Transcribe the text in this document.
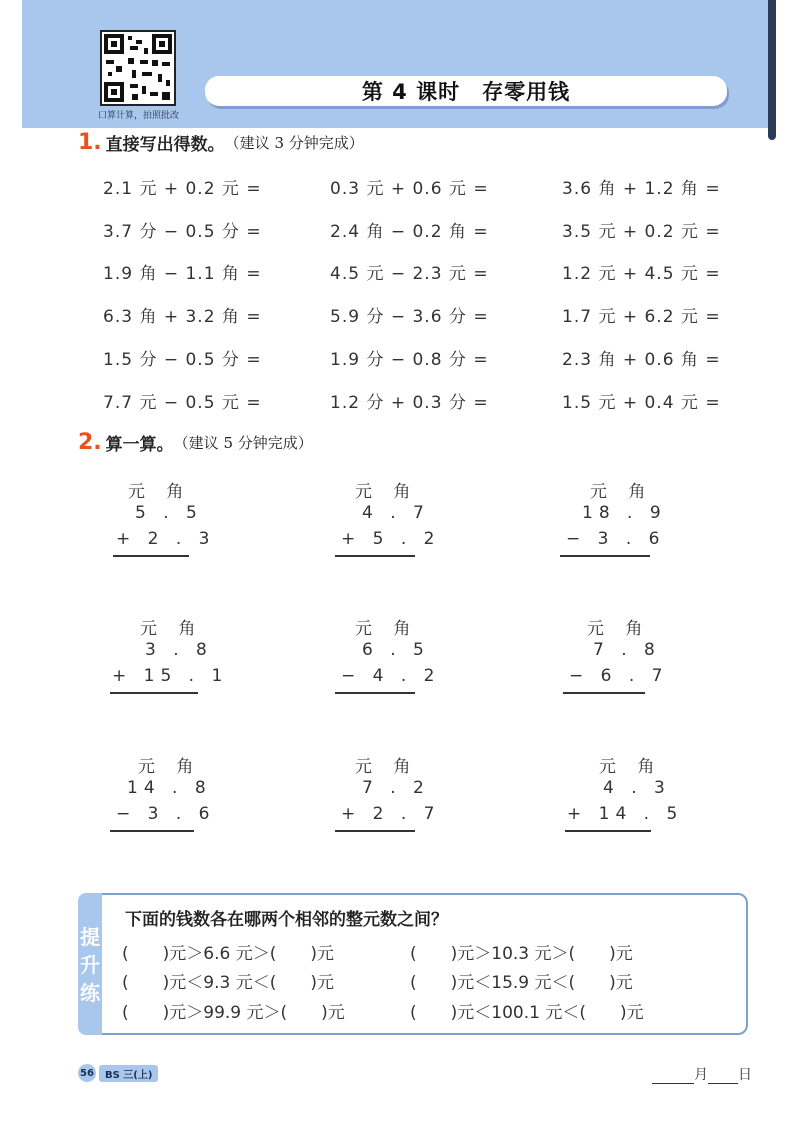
口算计算，拍照批改
第 4 课时　存零用钱
1. 直接写出得数。 （建议 3 分钟完成）
2.1 元 + 0.2 元 =	0.3 元 + 0.6 元 =	3.6 角 + 1.2 角 =
3.7 分 − 0.5 分 =	2.4 角 − 0.2 角 =	3.5 元 + 0.2 元 =
1.9 角 − 1.1 角 =	4.5 元 − 2.3 元 =	1.2 元 + 4.5 元 =
6.3 角 + 3.2 角 =	5.9 分 − 3.6 分 =	1.7 元 + 6.2 元 =
1.5 分 − 0.5 分 =	1.9 分 − 0.8 分 =	2.3 角 + 0.6 角 =
7.7 元 − 0.5 元 =	1.2 分 + 0.3 分 =	1.5 元 + 0.4 元 =
2. 算一算。 （建议 5 分钟完成）
元 角
5 . 5
+ 2 . 3
元 角
4 . 7
+ 5 . 2
元 角
18 . 9
− 3 . 6
元 角
3 . 8
+ 15 . 1
元 角
6 . 5
− 4 . 2
元 角
7 . 8
− 6 . 7
元 角
14 . 8
− 3 . 6
元 角
7 . 2
+ 2 . 7
元 角
4 . 3
+ 14 . 5
提升练
下面的钱数各在哪两个相邻的整元数之间？
(　　)元＞6.6 元＞(　　)元	(　　)元＞10.3 元＞(　　)元
(　　)元＜9.3 元＜(　　)元	(　　)元＜15.9 元＜(　　)元
(　　)元＞99.9 元＞(　　)元	(　　)元＜100.1 元＜(　　)元
56	BS 三(上)	月 日
